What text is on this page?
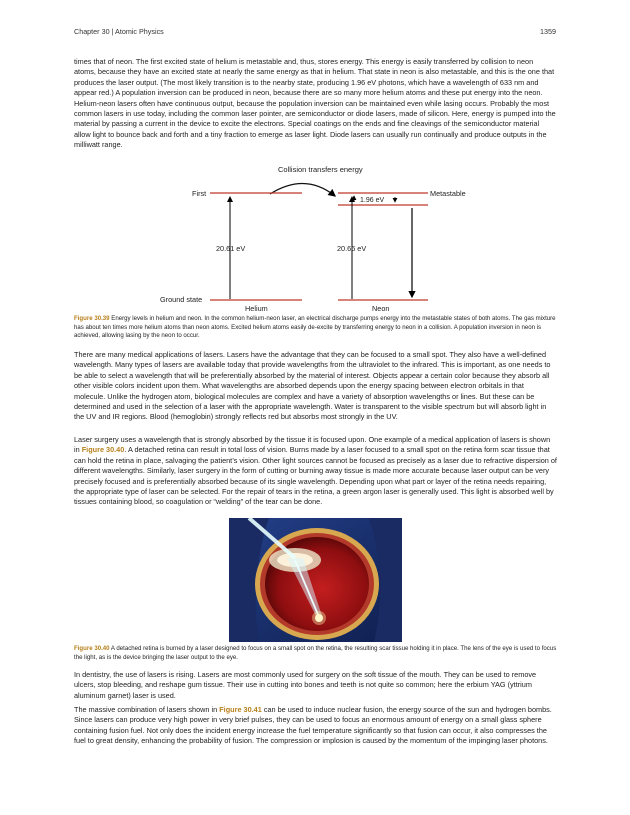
Chapter 30 | Atomic Physics	1359

times that of neon. The first excited state of helium is metastable and, thus, stores energy. This energy is easily transferred by collision to neon atoms, because they have an excited state at nearly the same energy as that in helium. That state in neon is also metastable, and this is the one that produces the laser output. (The most likely transition is to the nearby state, producing 1.96 eV photons, which have a wavelength of 633 nm and appear red.) A population inversion can be produced in neon, because there are so many more helium atoms and these put energy into the neon. Helium-neon lasers often have continuous output, because the population inversion can be maintained even while lasing occurs. Probably the most common lasers in use today, including the common laser pointer, are semiconductor or diode lasers, made of silicon. Here, energy is pumped into the material by passing a current in the device to excite the electrons. Special coatings on the ends and fine cleavings of the semiconductor material allow light to bounce back and forth and a tiny fraction to emerge as laser light. Diode lasers can usually run continually and produce outputs in the milliwatt range.

Collision transfers energy
First	Metastable
1.96 eV
20.61 eV	20.66 eV
Ground state
Helium	Neon

Figure 30.39 Energy levels in helium and neon. In the common helium-neon laser, an electrical discharge pumps energy into the metastable states of both atoms. The gas mixture has about ten times more helium atoms than neon atoms. Excited helium atoms easily de-excite by transferring energy to neon in a collision. A population inversion in neon is achieved, allowing lasing by the neon to occur.

There are many medical applications of lasers. Lasers have the advantage that they can be focused to a small spot. They also have a well-defined wavelength. Many types of lasers are available today that provide wavelengths from the ultraviolet to the infrared. This is important, as one needs to be able to select a wavelength that will be preferentially absorbed by the material of interest. Objects appear a certain color because they absorb all other visible colors incident upon them. What wavelengths are absorbed depends upon the energy spacing between electron orbitals in that molecule. Unlike the hydrogen atom, biological molecules are complex and have a variety of absorption wavelengths or lines. But these can be determined and used in the selection of a laser with the appropriate wavelength. Water is transparent to the visible spectrum but will absorb light in the UV and IR regions. Blood (hemoglobin) strongly reflects red but absorbs most strongly in the UV.

Laser surgery uses a wavelength that is strongly absorbed by the tissue it is focused upon. One example of a medical application of lasers is shown in Figure 30.40. A detached retina can result in total loss of vision. Burns made by a laser focused to a small spot on the retina form scar tissue that can hold the retina in place, salvaging the patient’s vision. Other light sources cannot be focused as precisely as a laser due to refractive dispersion of different wavelengths. Similarly, laser surgery in the form of cutting or burning away tissue is made more accurate because laser output can be very precisely focused and is preferentially absorbed because of its single wavelength. Depending upon what part or layer of the retina needs repairing, the appropriate type of laser can be selected. For the repair of tears in the retina, a green argon laser is generally used. This light is absorbed well by tissues containing blood, so coagulation or “welding” of the tear can be done.

Figure 30.40 A detached retina is burned by a laser designed to focus on a small spot on the retina, the resulting scar tissue holding it in place. The lens of the eye is used to focus the light, as is the device bringing the laser output to the eye.

In dentistry, the use of lasers is rising. Lasers are most commonly used for surgery on the soft tissue of the mouth. They can be used to remove ulcers, stop bleeding, and reshape gum tissue. Their use in cutting into bones and teeth is not quite so common; here the erbium YAG (yttrium aluminum garnet) laser is used.

The massive combination of lasers shown in Figure 30.41 can be used to induce nuclear fusion, the energy source of the sun and hydrogen bombs. Since lasers can produce very high power in very brief pulses, they can be used to focus an enormous amount of energy on a small glass sphere containing fusion fuel. Not only does the incident energy increase the fuel temperature significantly so that fusion can occur, it also compresses the fuel to great density, enhancing the probability of fusion. The compression or implosion is caused by the momentum of the impinging laser photons.
